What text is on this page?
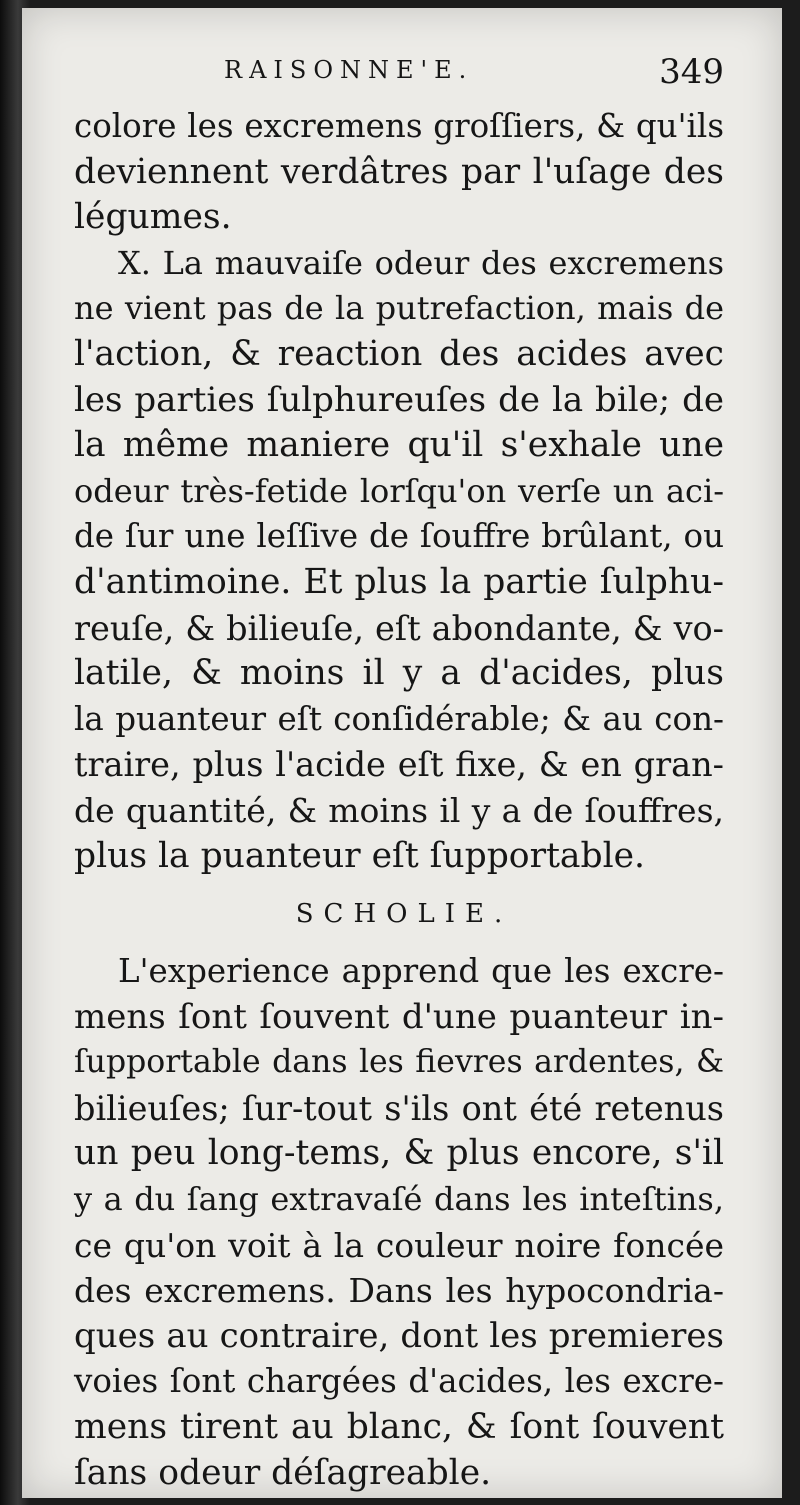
RAISONNE'E.	349
colore les excremens groſſiers, & qu'ils
deviennent verdâtres par l'uſage des
légumes.
X. La mauvaiſe odeur des excremens
ne vient pas de la putrefaction, mais de
l'action, & reaction des acides avec
les parties ſulphureuſes de la bile; de
la même maniere qu'il s'exhale une
odeur très-fetide lorſqu'on verſe un aci-
de ſur une leſſive de ſouffre brûlant, ou
d'antimoine. Et plus la partie ſulphu-
reuſe, & bilieuſe, eſt abondante, & vo-
latile, & moins il y a d'acides, plus
la puanteur eſt conſidérable; & au con-
traire, plus l'acide eſt fixe, & en gran-
de quantité, & moins il y a de ſouffres,
plus la puanteur eſt ſupportable.
SCHOLIE.
L'experience apprend que les excre-
mens ſont ſouvent d'une puanteur in-
ſupportable dans les fievres ardentes, &
bilieuſes; ſur-tout s'ils ont été retenus
un peu long-tems, & plus encore, s'il
y a du ſang extravaſé dans les inteſtins,
ce qu'on voit à la couleur noire foncée
des excremens. Dans les hypocondria-
ques au contraire, dont les premieres
voies ſont chargées d'acides, les excre-
mens tirent au blanc, & ſont ſouvent
ſans odeur déſagreable.
